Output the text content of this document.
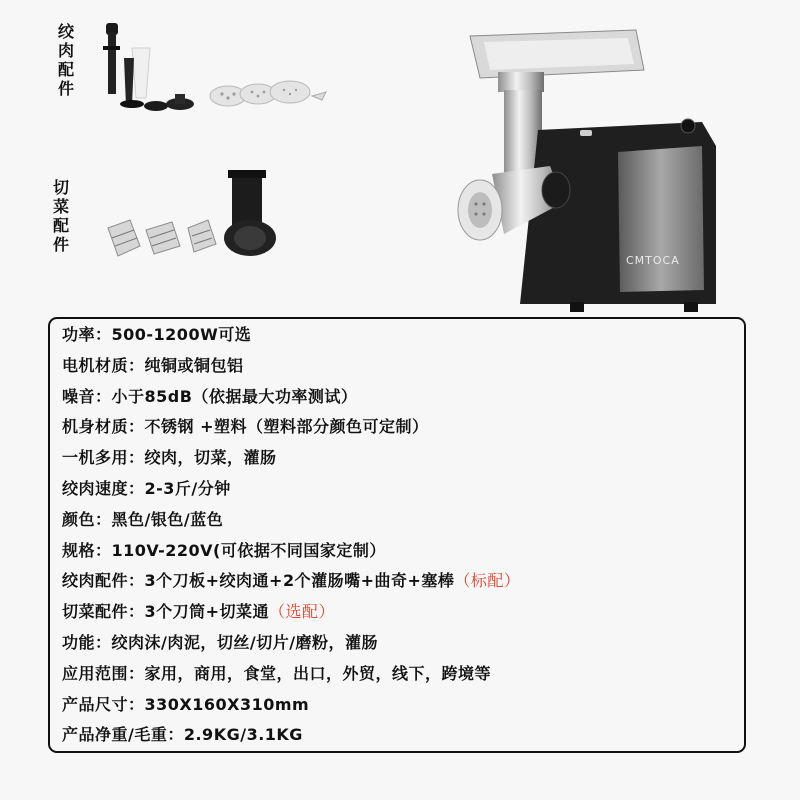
绞肉配件
切菜配件
CMTOCA
功率：500-1200W可选
电机材质：纯铜或铜包铝
噪音：小于85dB（依据最大功率测试）
机身材质：不锈钢 +塑料（塑料部分颜色可定制）
一机多用：绞肉，切菜，灌肠
绞肉速度：2-3斤/分钟
颜色：黑色/银色/蓝色
规格：110V-220V(可依据不同国家定制）
绞肉配件：3个刀板+绞肉通+2个灌肠嘴+曲奇+塞棒（标配）
切菜配件：3个刀筒+切菜通（选配）
功能：绞肉沫/肉泥，切丝/切片/磨粉，灌肠
应用范围：家用，商用，食堂，出口，外贸，线下，跨境等
产品尺寸：330X160X310mm
产品净重/毛重：2.9KG/3.1KG
